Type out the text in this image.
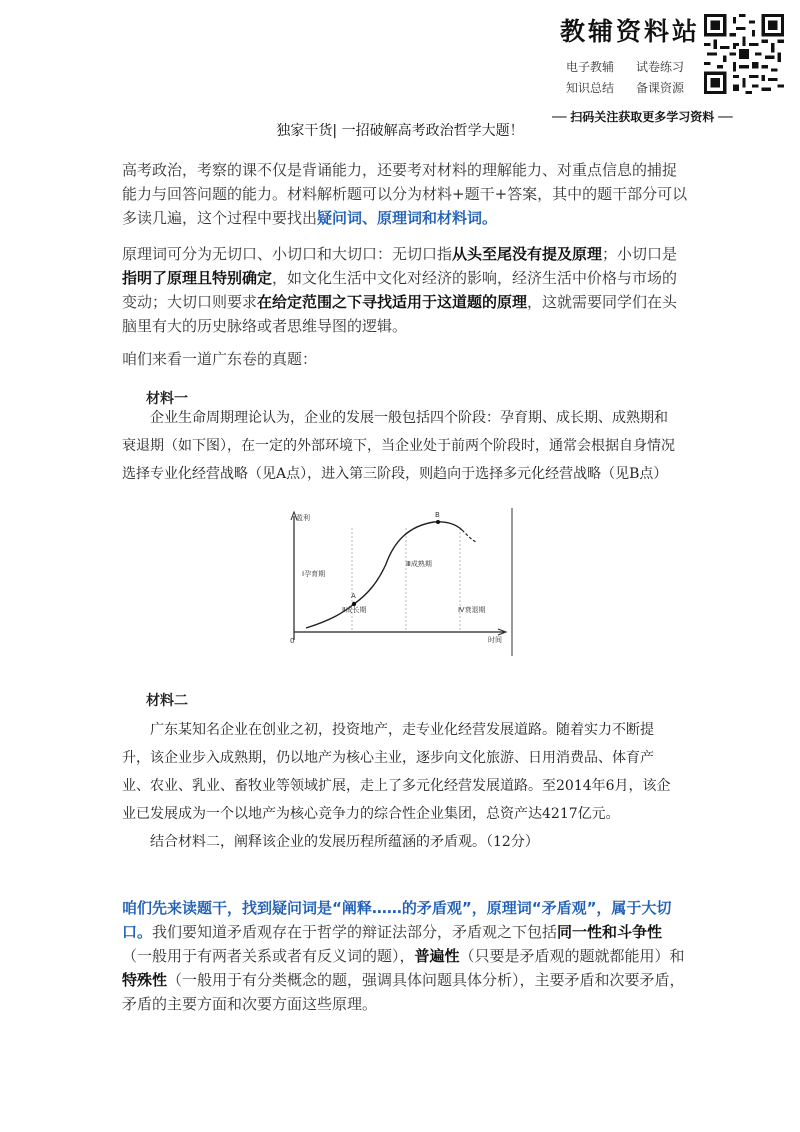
教辅资料站
电子教辅 试卷练习
知识总结 备课资源
── 扫码关注获取更多学习资料 ──
独家干货| 一招破解高考政治哲学大题！
高考政治，考察的课不仅是背诵能力，还要考对材料的理解能力、对重点信息的捕捉能力与回答问题的能力。材料解析题可以分为材料+题干+答案，其中的题干部分可以多读几遍，这个过程中要找出疑问词、原理词和材料词。
原理词可分为无切口、小切口和大切口：无切口指从头至尾没有提及原理；小切口是指明了原理且特别确定，如文化生活中文化对经济的影响，经济生活中价格与市场的变动；大切口则要求在给定范围之下寻找适用于这道题的原理，这就需要同学们在头脑里有大的历史脉络或者思维导图的逻辑。
咱们来看一道广东卷的真题：
材料一

企业生命周期理论认为，企业的发展一般包括四个阶段：孕育期、成长期、成熟期和衰退期（如下图），在一定的外部环境下，当企业处于前两个阶段时，通常会根据自身情况选择专业化经营战略（见A点），进入第三阶段，则趋向于选择多元化经营战略（见B点）

盈利
时间
0
A
B
Ⅰ孕育期
Ⅱ成长期
Ⅲ成熟期
Ⅳ衰退期
材料二

广东某知名企业在创业之初，投资地产，走专业化经营发展道路。随着实力不断提升，该企业步入成熟期，仍以地产为核心主业，逐步向文化旅游、日用消费品、体育产业、农业、乳业、畜牧业等领域扩展，走上了多元化经营发展道路。至2014年6月，该企业已发展成为一个以地产为核心竞争力的综合性企业集团，总资产达4217亿元。

结合材料二，阐释该企业的发展历程所蕴涵的矛盾观。（12分）

咱们先来读题干，找到疑问词是“阐释……的矛盾观”，原理词“矛盾观”，属于大切口。我们要知道矛盾观存在于哲学的辩证法部分，矛盾观之下包括同一性和斗争性（一般用于有两者关系或者有反义词的题），普遍性（只要是矛盾观的题就都能用）和特殊性（一般用于有分类概念的题，强调具体问题具体分析），主要矛盾和次要矛盾，矛盾的主要方面和次要方面这些原理。
